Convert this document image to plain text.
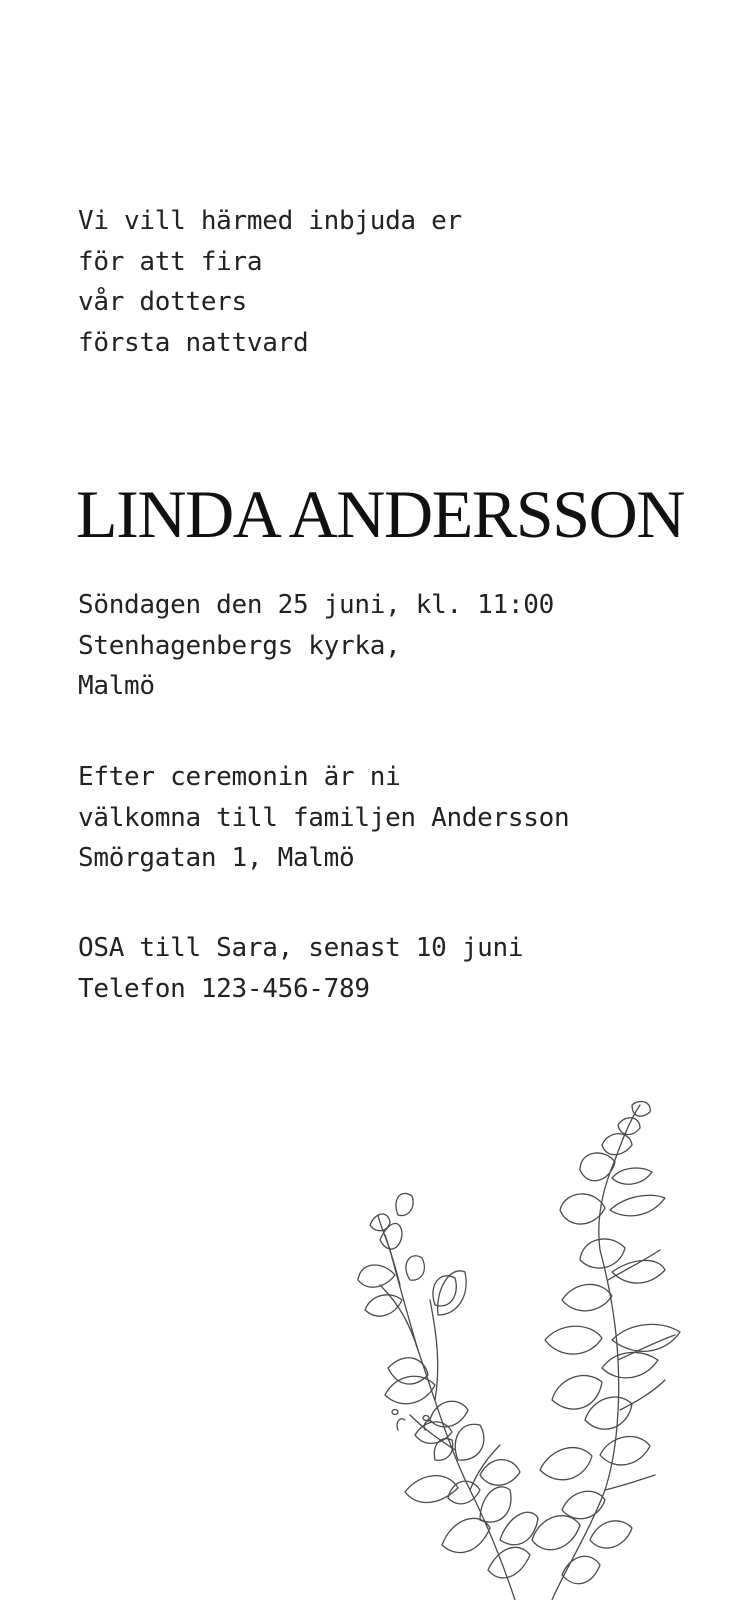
Vi vill härmed inbjuda er
för att fira
vår dotters
första nattvard
LINDA ANDERSSON
Söndagen den 25 juni, kl. 11:00
Stenhagenbergs kyrka,
Malmö
Efter ceremonin är ni
välkomna till familjen Andersson
Smörgatan 1, Malmö
OSA till Sara, senast 10 juni
Telefon 123-456-789
